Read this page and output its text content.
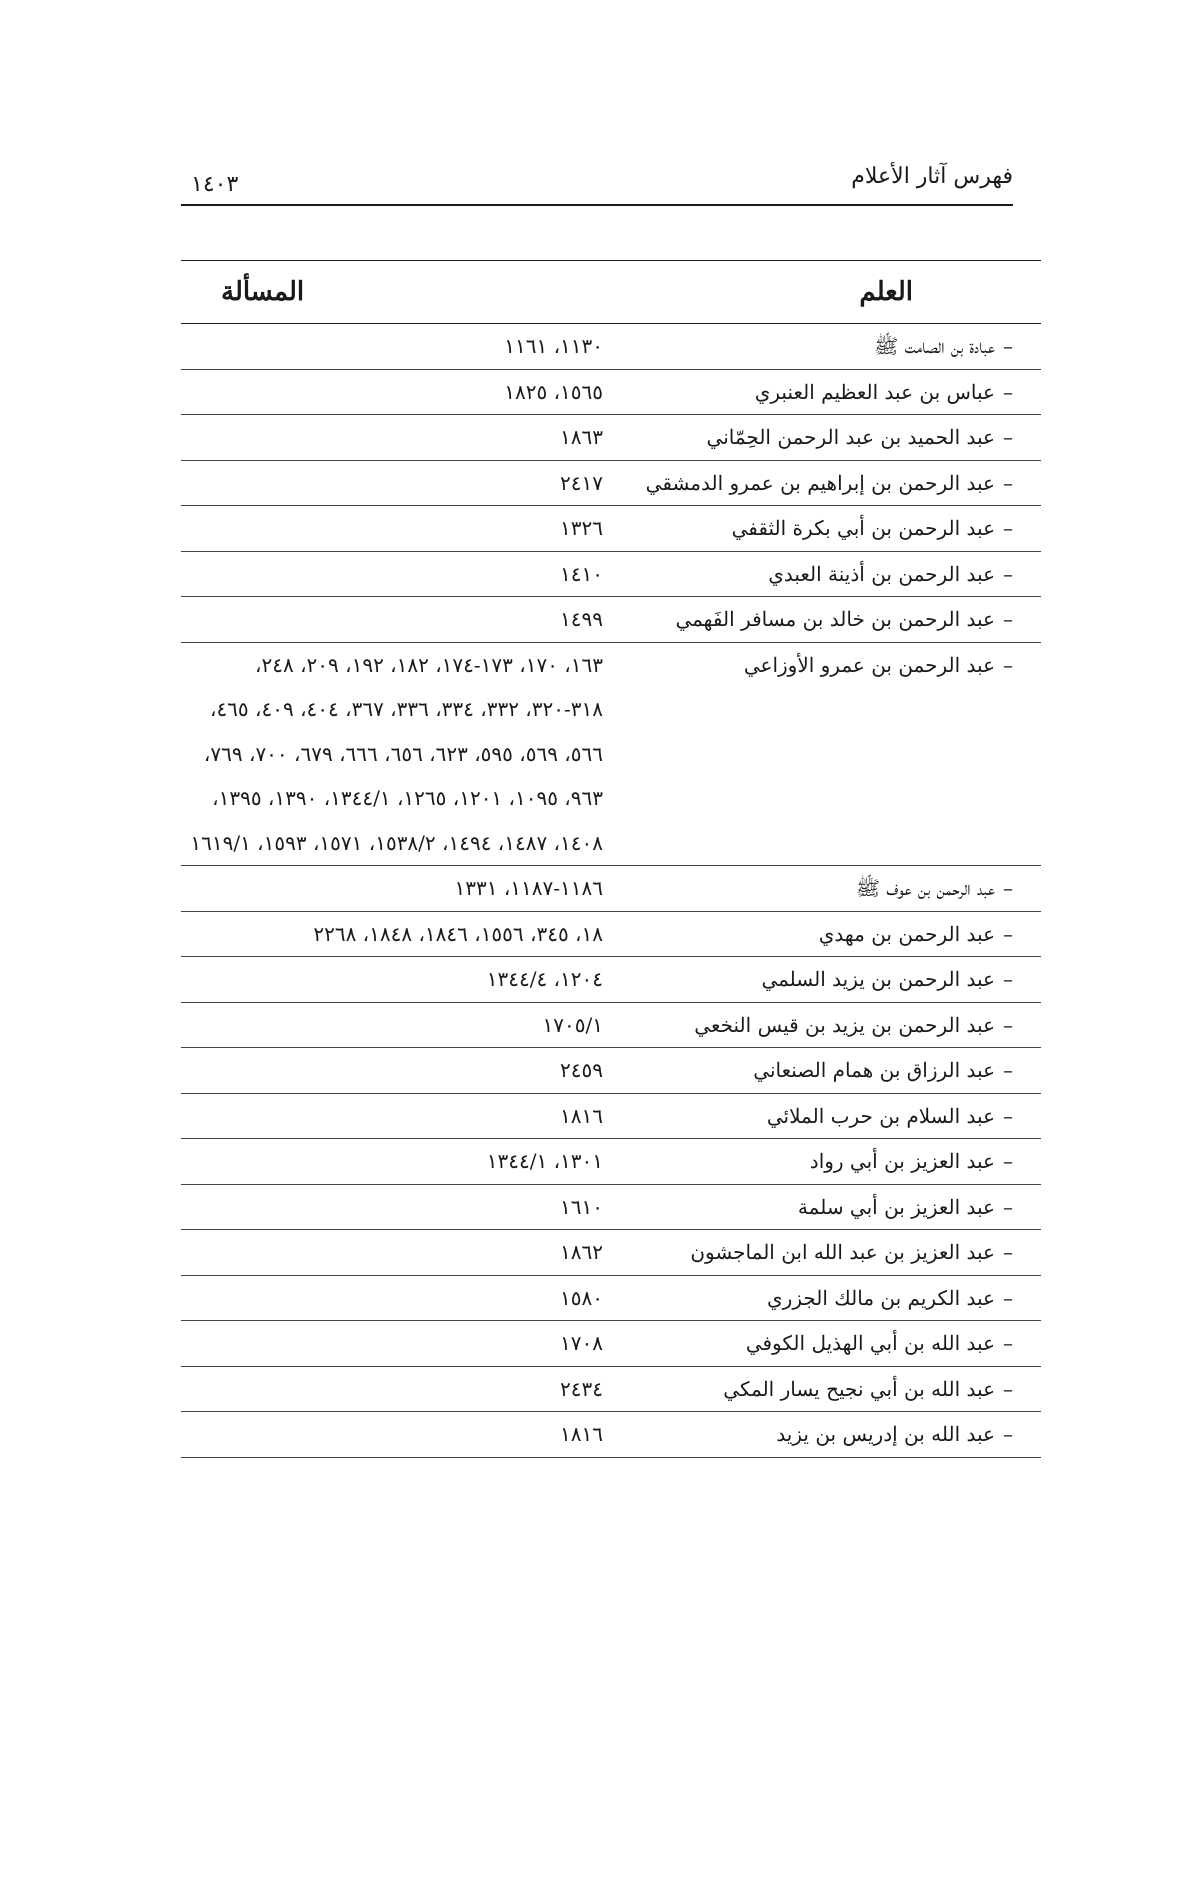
فهرس آثار الأعلام
١٤٠٣
العلم	المسألة
–عبادة بن الصامت ﷺ	١١٣٠، ١١٦١
–عباس بن عبد العظيم العنبري	١٥٦٥، ١٨٢٥
–عبد الحميد بن عبد الرحمن الحِمّاني	١٨٦٣
–عبد الرحمن بن إبراهيم بن عمرو الدمشقي	٢٤١٧
–عبد الرحمن بن أبي بكرة الثقفي	١٣٢٦
–عبد الرحمن بن أذينة العبدي	١٤١٠
–عبد الرحمن بن خالد بن مسافر الفَهمي	١٤٩٩
–عبد الرحمن بن عمرو الأوزاعي	١٦٣، ١٧٠، ١٧٣-١٧٤، ١٨٢، ١٩٢، ٢٠٩، ٢٤٨، ٣١٨-٣٢٠، ٣٣٢، ٣٣٤، ٣٣٦، ٣٦٧، ٤٠٤، ٤٠٩، ٤٦٥، ٥٦٦، ٥٦٩، ٥٩٥، ٦٢٣، ٦٥٦، ٦٦٦، ٦٧٩، ٧٠٠، ٧٦٩، ٩٦٣، ١٠٩٥، ١٢٠١، ١٢٦٥، ١٣٤٤/١، ١٣٩٠، ١٣٩٥، ١٤٠٨، ١٤٨٧، ١٤٩٤، ١٥٣٨/٢، ١٥٧١، ١٥٩٣، ١٦١٩/١
–عبد الرحمن بن عوف ﷺ	١١٨٦-١١٨٧، ١٣٣١
–عبد الرحمن بن مهدي	١٨، ٣٤٥، ١٥٥٦، ١٨٤٦، ١٨٤٨، ٢٢٦٨
–عبد الرحمن بن يزيد السلمي	١٢٠٤، ١٣٤٤/٤
–عبد الرحمن بن يزيد بن قيس النخعي	١٧٠٥/١
–عبد الرزاق بن همام الصنعاني	٢٤٥٩
–عبد السلام بن حرب الملائي	١٨١٦
–عبد العزيز بن أبي رواد	١٣٠١، ١٣٤٤/١
–عبد العزيز بن أبي سلمة	١٦١٠
–عبد العزيز بن عبد الله ابن الماجشون	١٨٦٢
–عبد الكريم بن مالك الجزري	١٥٨٠
–عبد الله بن أبي الهذيل الكوفي	١٧٠٨
–عبد الله بن أبي نجيح يسار المكي	٢٤٣٤
–عبد الله بن إدريس بن يزيد	١٨١٦
